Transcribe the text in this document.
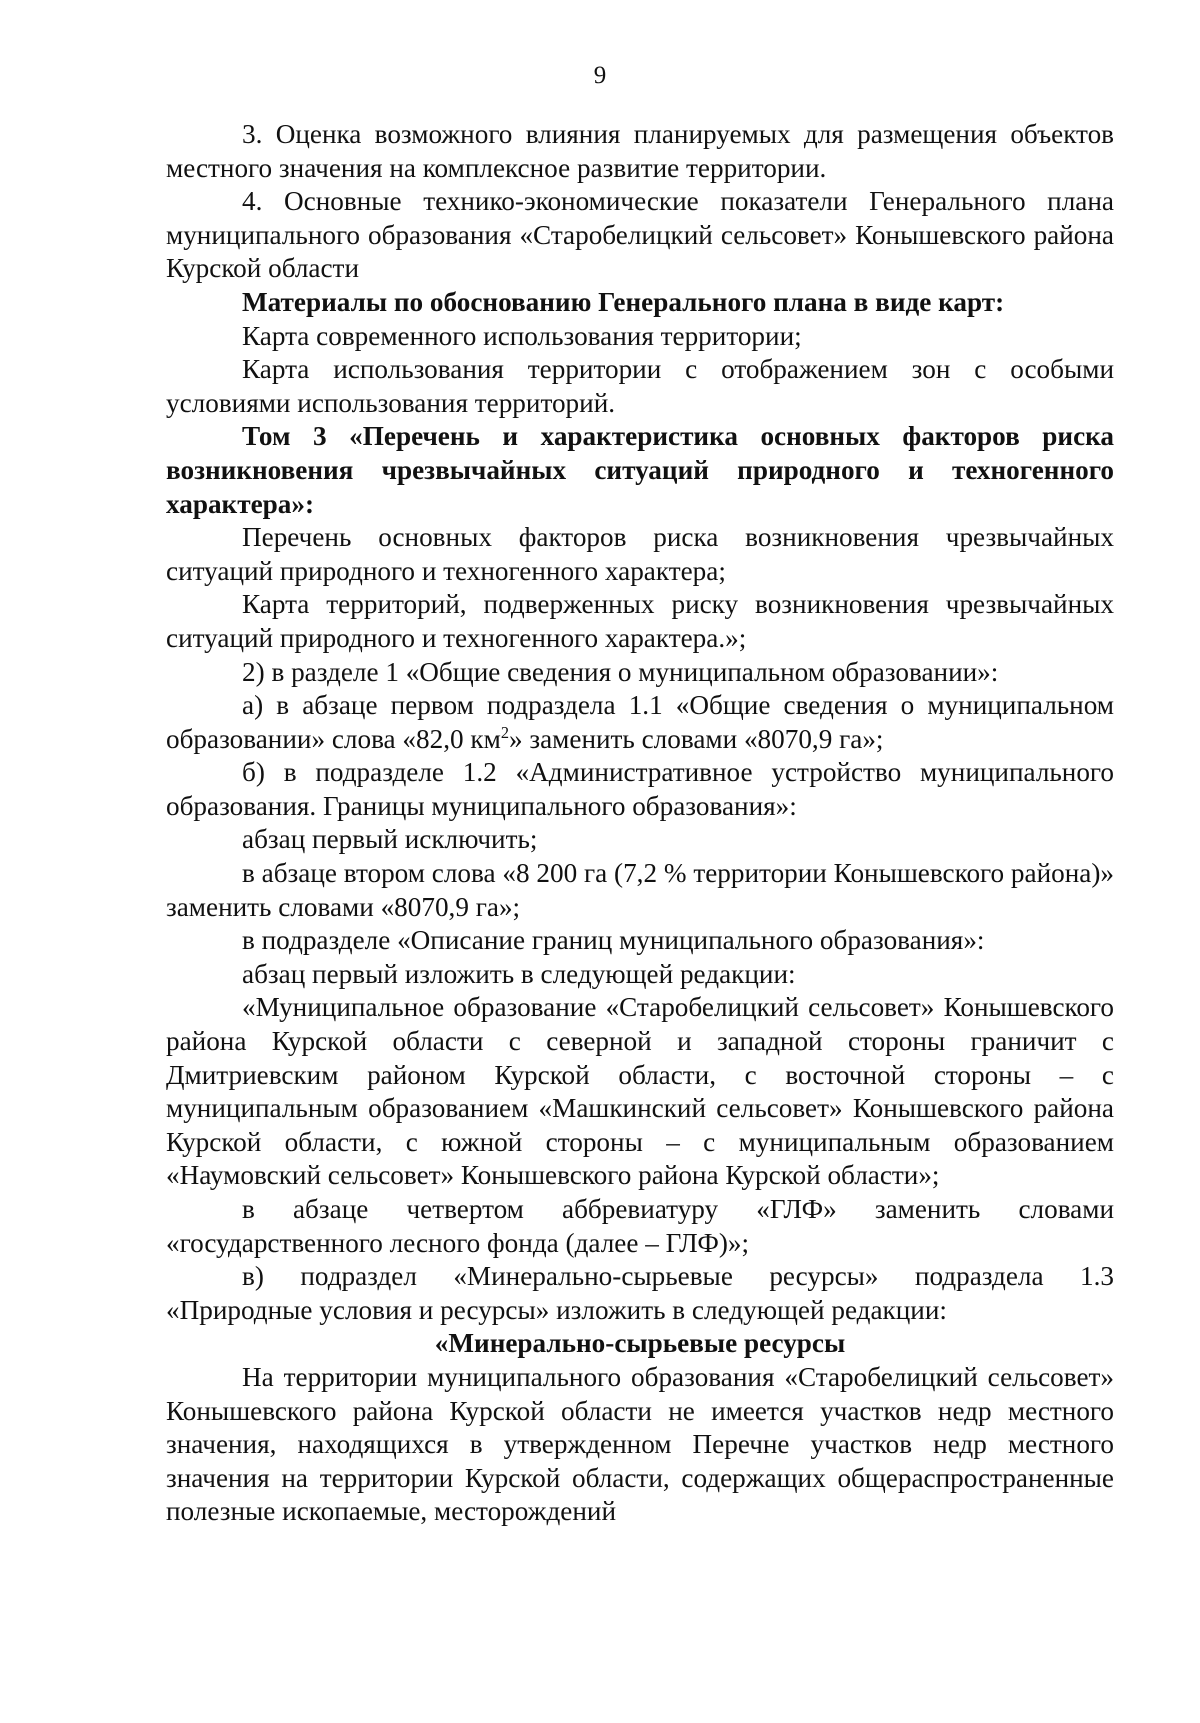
9

3. Оценка возможного влияния планируемых для размещения объектов местного значения на комплексное развитие территории.

4. Основные технико-экономические показатели Генерального плана муниципального образования «Старобелицкий сельсовет» Конышевского района Курской области

Материалы по обоснованию Генерального плана в виде карт:

Карта современного использования территории;

Карта использования территории с отображением зон с особыми условиями использования территорий.

Том 3 «Перечень и характеристика основных факторов риска возникновения чрезвычайных ситуаций природного и техногенного характера»:

Перечень основных факторов риска возникновения чрезвычайных ситуаций природного и техногенного характера;

Карта территорий, подверженных риску возникновения чрезвычайных ситуаций природного и техногенного характера.»;

2) в разделе 1 «Общие сведения о муниципальном образовании»:

а) в абзаце первом подраздела 1.1 «Общие сведения о муниципальном образовании» слова «82,0 $км^2$» заменить словами «8070,9 га»;

б) в подразделе 1.2 «Административное устройство муниципального образования. Границы муниципального образования»:

абзац первый исключить;

в абзаце втором слова «8 200 га (7,2 % территории Конышевского района)» заменить словами «8070,9 га»;

в подразделе «Описание границ муниципального образования»:

абзац первый изложить в следующей редакции:

«Муниципальное образование «Старобелицкий сельсовет» Конышевского района Курской области с северной и западной стороны граничит с Дмитриевским районом Курской области, с восточной стороны – с муниципальным образованием «Машкинский сельсовет» Конышевского района Курской области, с южной стороны – с муниципальным образованием «Наумовский сельсовет» Конышевского района Курской области»;

в абзаце четвертом аббревиатуру «ГЛФ» заменить словами «государственного лесного фонда (далее – ГЛФ)»;

в) подраздел «Минерально-сырьевые ресурсы» подраздела 1.3 «Природные условия и ресурсы» изложить в следующей редакции:

«Минерально-сырьевые ресурсы

На территории муниципального образования «Старобелицкий сельсовет» Конышевского района Курской области не имеется участков недр местного значения, находящихся в утвержденном Перечне участков недр местного значения на территории Курской области, содержащих общераспространенные полезные ископаемые, месторождений
